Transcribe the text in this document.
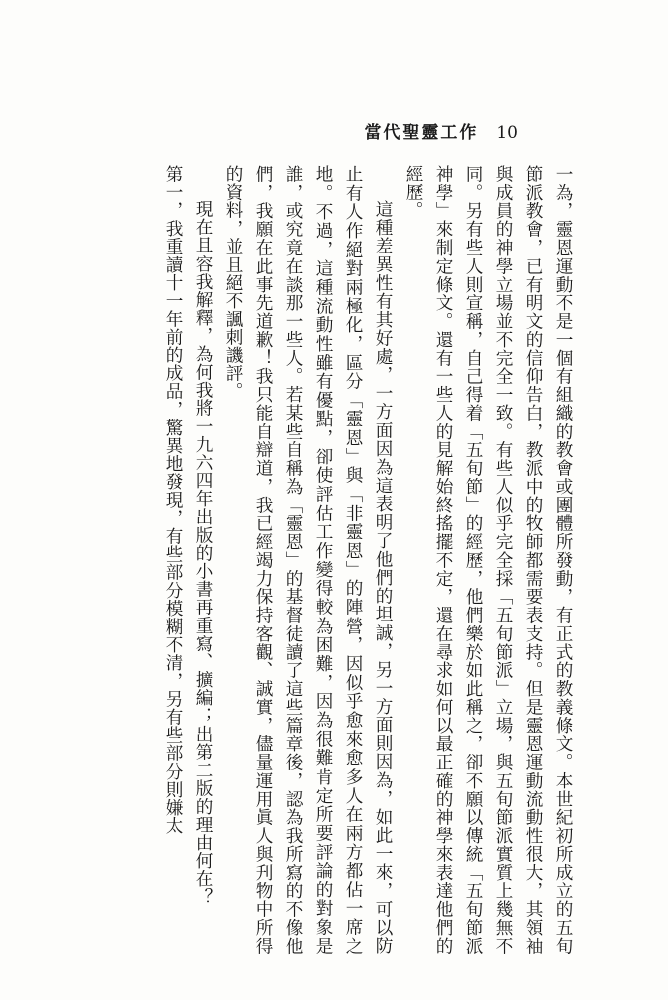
當代聖靈工作 10

一為，靈恩運動不是一個有組織的教會或團體所發動，有正式的教義條文。本世紀初所成立的五旬節派教會，已有明文的信仰告白，教派中的牧師都需要表支持。但是靈恩運動流動性很大，其領袖與成員的神學立場並不完全一致。有些人似乎完全採「五旬節派」立場，與五旬節派實質上幾無不同。另有些人則宣稱，自己得着「五旬節」的經歷，他們樂於如此稱之，卻不願以傳統「五旬節派神學」來制定條文。還有一些人的見解始終搖擺不定，還在尋求如何以最正確的神學來表達他們的經歷。

這種差異性有其好處，一方面因為這表明了他們的坦誠，另一方面則因為，如此一來，可以防止有人作絕對兩極化，區分「靈恩」與「非靈恩」的陣營，因似乎愈來愈多人在兩方都佔一席之地。不過，這種流動性雖有優點，卻使評估工作變得較為困難，因為很難肯定所要評論的對象是誰，或究竟在談那一些人。若某些自稱為「靈恩」的基督徒讀了這些篇章後，認為我所寫的不像他們，我願在此事先道歉！我只能自辯道，我已經竭力保持客觀、誠實，儘量運用眞人與刋物中所得的資料，並且絕不諷刺譏評。

現在且容我解釋，為何我將一九六四年出版的小書再重寫、擴編；出第二版的理由何在？

第一，我重讀十一年前的成品，驚異地發現，有些部分模糊不清，另有些部分則嫌太
